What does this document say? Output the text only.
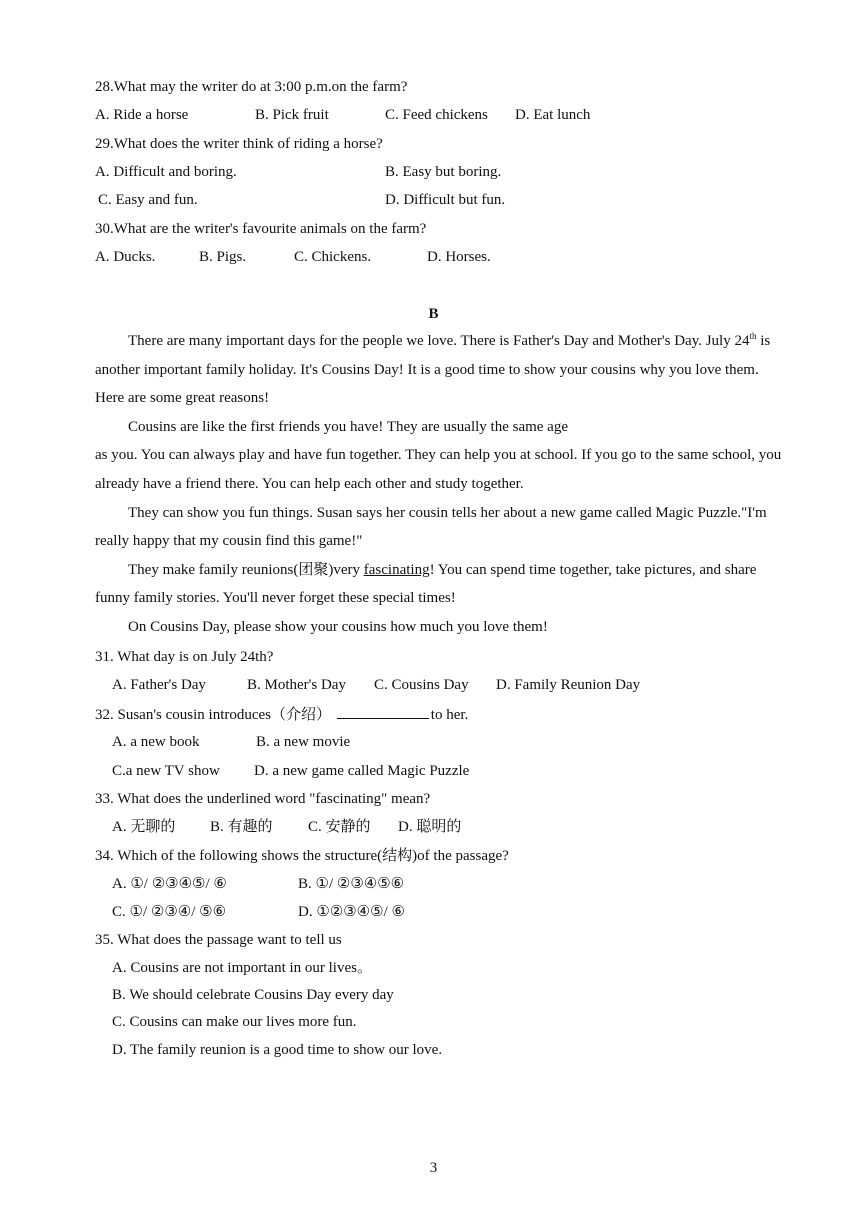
28.What may the writer do at 3:00 p.m.on the farm?
A. Ride a horse	B. Pick fruit	C. Feed chickens D. Eat lunch
29.What does the writer think of riding a horse?
A. Difficult and boring.	B. Easy but boring.
C. Easy and fun.	D. Difficult but fun.
30.What are the writer's favourite animals on the farm?
A. Ducks.	B. Pigs.	C. Chickens.	D. Horses.
B

There are many important days for the people we love. There is Father's Day and Mother's Day. July 24th is another important family holiday. It's Cousins Day! It is a good time to show your cousins why you love them. Here are some great reasons!

Cousins are like the first friends you have! They are usually the same age

as you. You can always play and have fun together. They can help you at school. If you go to the same school, you already have a friend there. You can help each other and study together.

They can show you fun things. Susan says her cousin tells her about a new game called Magic Puzzle."I'm really happy that my cousin find this game!"

They make family reunions(团聚)very fascinating! You can spend time together, take pictures, and share funny family stories. You'll never forget these special times!

On Cousins Day, please show your cousins how much you love them!

31. What day is on July 24th?
A. Father's Day	B. Mother's Day C. Cousins Day D. Family Reunion Day
32. Susan's cousin introduces（介绍）	to her.
A. a new book	B. a new movie
C.a new TV show D. a new game called Magic Puzzle
33. What does the underlined word "fascinating" mean?
A. 无聊的 B. 有趣的 C. 安静的 D. 聪明的
34. Which of the following shows the structure(结构)of the passage?
A. ①/ ②③④⑤/ ⑥	B. ①/ ②③④⑤⑥
C. ①/ ②③④/ ⑤⑥	D. ①②③④⑤/ ⑥
35. What does the passage want to tell us
A. Cousins are not important in our lives。
B. We should celebrate Cousins Day every day
C. Cousins can make our lives more fun.
D. The family reunion is a good time to show our love.
3
